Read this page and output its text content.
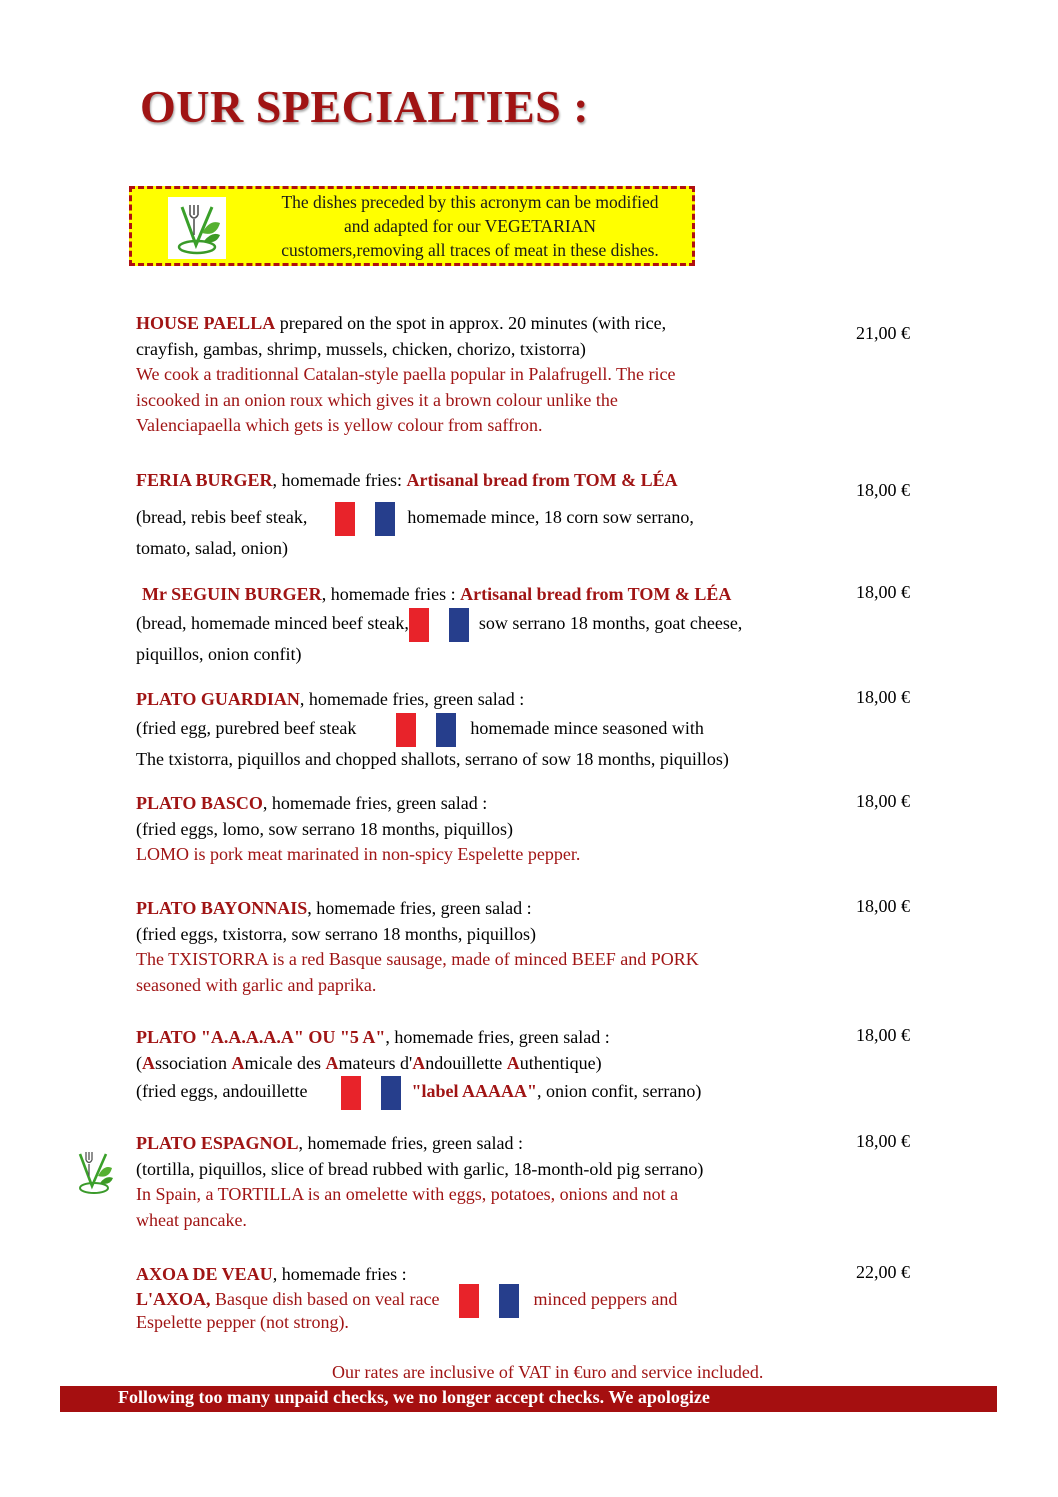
OUR SPECIALTIES :
The dishes preceded by this acronym can be modified
and adapted for our VEGETARIAN
customers,removing all traces of meat in these dishes.
HOUSE PAELLA prepared on the spot in approx. 20 minutes (with rice,
crayfish, gambas, shrimp, mussels, chicken, chorizo, txistorra)
We cook a traditionnal Catalan-style paella popular in Palafrugell. The rice
iscooked in an onion roux which gives it a brown colour unlike the
Valenciapaella which gets is yellow colour from saffron.
21,00 €
FERIA BURGER, homemade fries: Artisanal bread from TOM & LÉA
(bread, rebis beef steak,	homemade mince, 18 corn sow serrano,
tomato, salad, onion)
18,00 €
Mr SEGUIN BURGER, homemade fries : Artisanal bread from TOM & LÉA
(bread, homemade minced beef steak,	sow serrano 18 months, goat cheese,
piquillos, onion confit)
18,00 €
PLATO GUARDIAN, homemade fries, green salad :
(fried egg, purebred beef steak	homemade mince seasoned with
The txistorra, piquillos and chopped shallots, serrano of sow 18 months, piquillos)
18,00 €
PLATO BASCO, homemade fries, green salad :
(fried eggs, lomo, sow serrano 18 months, piquillos)
LOMO is pork meat marinated in non-spicy Espelette pepper.
18,00 €
PLATO BAYONNAIS, homemade fries, green salad :
(fried eggs, txistorra, sow serrano 18 months, piquillos)
The TXISTORRA is a red Basque sausage, made of minced BEEF and PORK
seasoned with garlic and paprika.
18,00 €
PLATO "A.A.A.A.A" OU "5 A", homemade fries, green salad :
(Association Amicale des Amateurs d'Andouillette Authentique)
(fried eggs, andouillette	"label AAAAA", onion confit, serrano)
18,00 €
PLATO ESPAGNOL, homemade fries, green salad :
(tortilla, piquillos, slice of bread rubbed with garlic, 18-month-old pig serrano)
In Spain, a TORTILLA is an omelette with eggs, potatoes, onions and not a
wheat pancake.
18,00 €
AXOA DE VEAU, homemade fries :
L'AXOA, Basque dish based on veal race	minced peppers and
Espelette pepper (not strong).
22,00 €
Our rates are inclusive of VAT in €uro and service included.
Following too many unpaid checks, we no longer accept checks. We apologize
